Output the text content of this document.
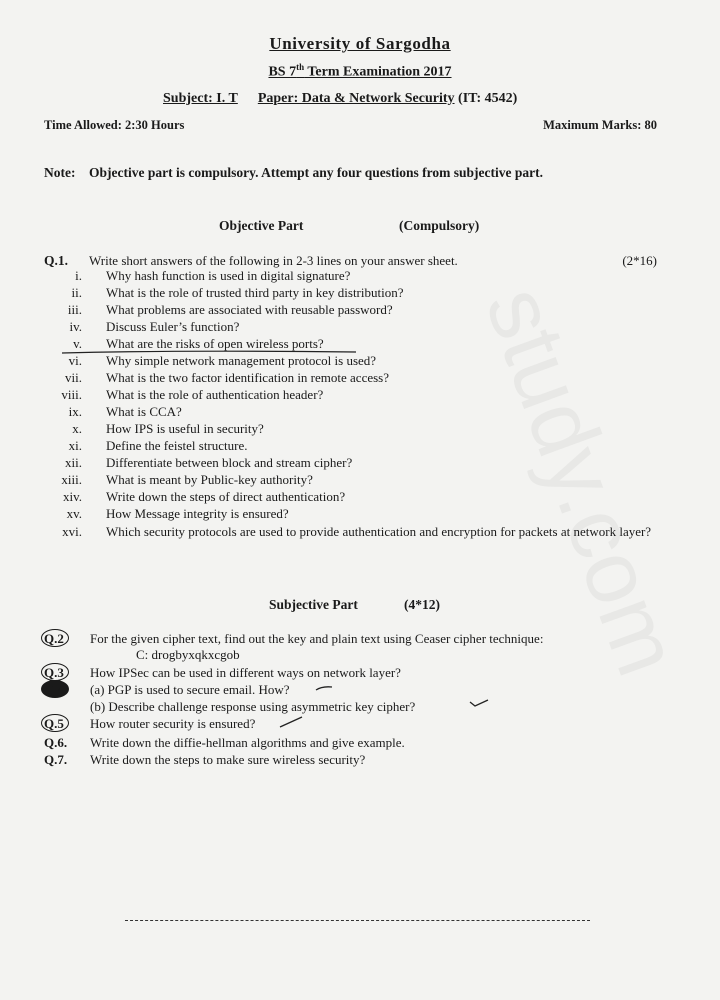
University of Sargodha
BS 7th Term Examination 2017
Subject: I. T Paper: Data & Network Security (IT: 4542)
Time Allowed: 2:30 Hours	Maximum Marks: 80
Note: Objective part is compulsory. Attempt any four questions from subjective part.
Objective Part	(Compulsory)
Q.1. Write short answers of the following in 2-3 lines on your answer sheet.	(2*16)
i. Why hash function is used in digital signature?
ii. What is the role of trusted third party in key distribution?
iii. What problems are associated with reusable password?
iv. Discuss Euler’s function?
v. What are the risks of open wireless ports?
vi. Why simple network management protocol is used?
vii. What is the two factor identification in remote access?
viii. What is the role of authentication header?
ix. What is CCA?
x. How IPS is useful in security?
xi. Define the feistel structure.
xii. Differentiate between block and stream cipher?
xiii. What is meant by Public-key authority?
xiv. Write down the steps of direct authentication?
xv. How Message integrity is ensured?
xvi. Which security protocols are used to provide authentication and encryption for packets at network layer?
Subjective Part	(4*12)
Q.2	For the given cipher text, find out the key and plain text using Ceaser cipher technique:
C: drogbyxqkxcgob
Q.3	How IPSec can be used in different ways on network layer?
Q.4	(a) PGP is used to secure email. How?
(b) Describe challenge response using asymmetric key cipher?
Q.5	How router security is ensured?
Q.6.	Write down the diffie-hellman algorithms and give example.
Q.7.	Write down the steps to make sure wireless security?
